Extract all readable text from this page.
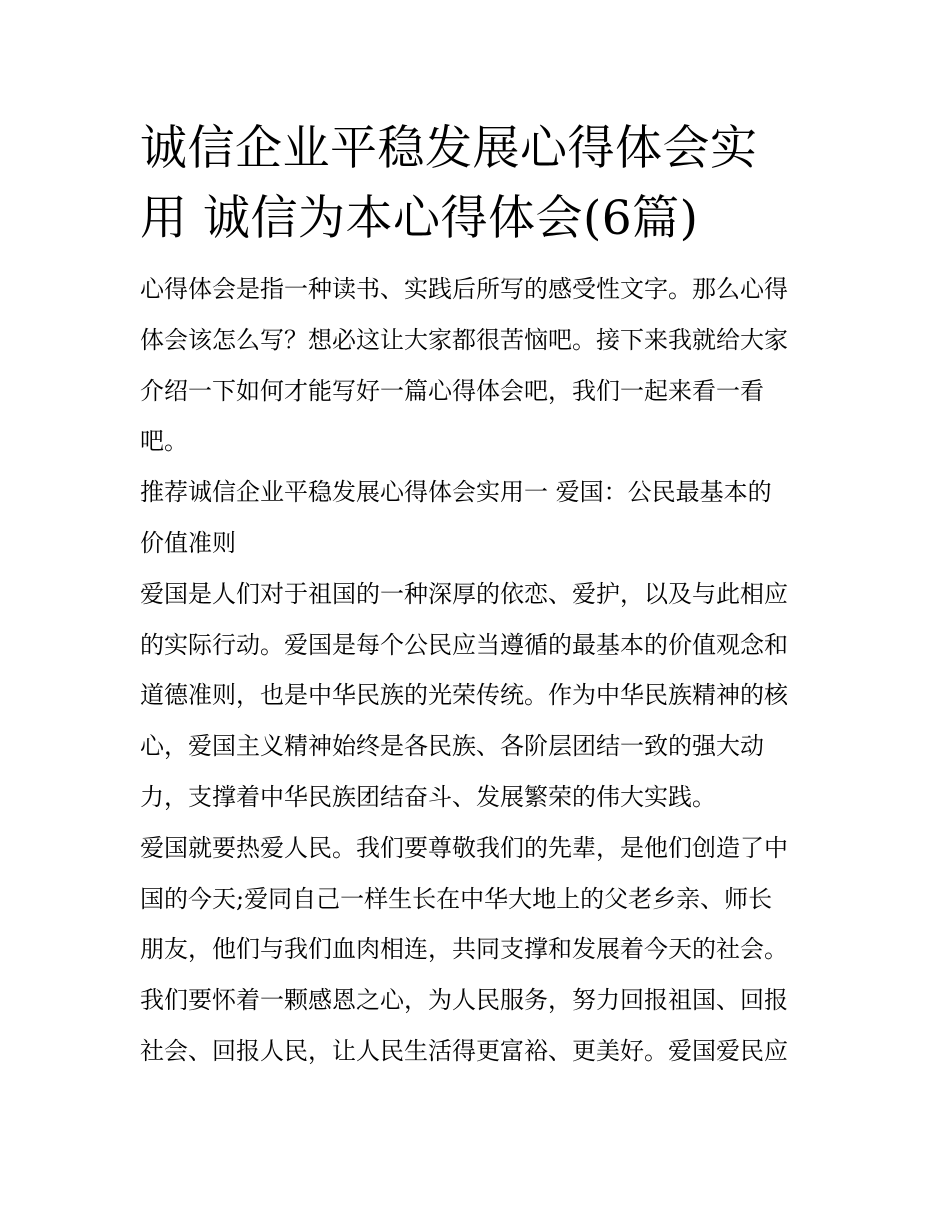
诚信企业平稳发展心得体会实
用 诚信为本心得体会(6篇)

心得体会是指一种读书、实践后所写的感受性文字。那么心得
体会该怎么写？想必这让大家都很苦恼吧。接下来我就给大家
介绍一下如何才能写好一篇心得体会吧，我们一起来看一看
吧。

推荐诚信企业平稳发展心得体会实用一 爱国：公民最基本的
价值准则

爱国是人们对于祖国的一种深厚的依恋、爱护，以及与此相应
的实际行动。爱国是每个公民应当遵循的最基本的价值观念和
道德准则，也是中华民族的光荣传统。作为中华民族精神的核
心，爱国主义精神始终是各民族、各阶层团结一致的强大动
力，支撑着中华民族团结奋斗、发展繁荣的伟大实践。

爱国就要热爱人民。我们要尊敬我们的先辈，是他们创造了中
国的今天;爱同自己一样生长在中华大地上的父老乡亲、师长
朋友，他们与我们血肉相连，共同支撑和发展着今天的社会。
我们要怀着一颗感恩之心，为人民服务，努力回报祖国、回报
社会、回报人民，让人民生活得更富裕、更美好。爱国爱民应
